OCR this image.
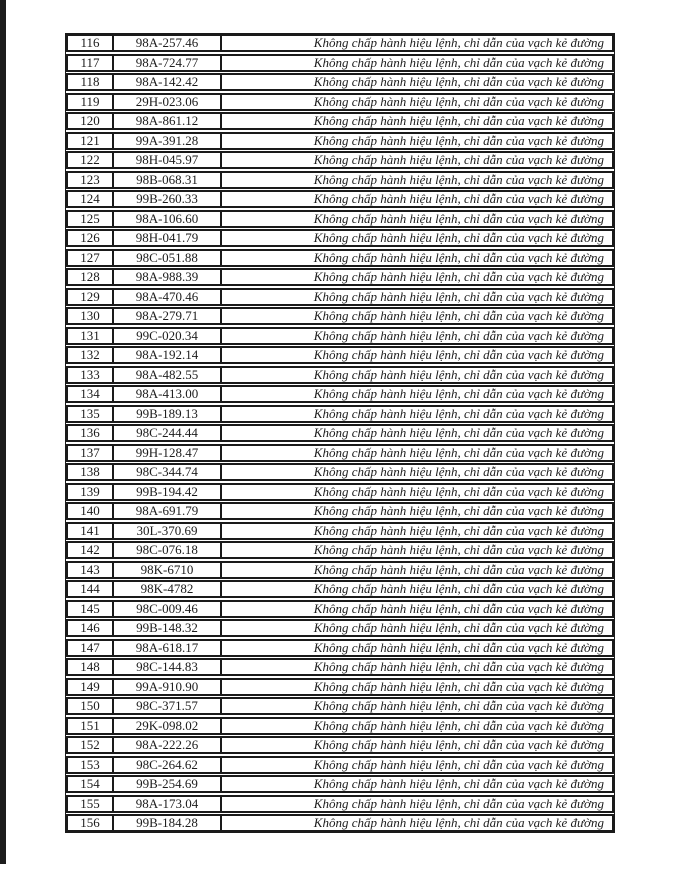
116	98A-257.46	Không chấp hành hiệu lệnh, chỉ dẫn của vạch kẻ đường
117	98A-724.77	Không chấp hành hiệu lệnh, chỉ dẫn của vạch kẻ đường
118	98A-142.42	Không chấp hành hiệu lệnh, chỉ dẫn của vạch kẻ đường
119	29H-023.06	Không chấp hành hiệu lệnh, chỉ dẫn của vạch kẻ đường
120	98A-861.12	Không chấp hành hiệu lệnh, chỉ dẫn của vạch kẻ đường
121	99A-391.28	Không chấp hành hiệu lệnh, chỉ dẫn của vạch kẻ đường
122	98H-045.97	Không chấp hành hiệu lệnh, chỉ dẫn của vạch kẻ đường
123	98B-068.31	Không chấp hành hiệu lệnh, chỉ dẫn của vạch kẻ đường
124	99B-260.33	Không chấp hành hiệu lệnh, chỉ dẫn của vạch kẻ đường
125	98A-106.60	Không chấp hành hiệu lệnh, chỉ dẫn của vạch kẻ đường
126	98H-041.79	Không chấp hành hiệu lệnh, chỉ dẫn của vạch kẻ đường
127	98C-051.88	Không chấp hành hiệu lệnh, chỉ dẫn của vạch kẻ đường
128	98A-988.39	Không chấp hành hiệu lệnh, chỉ dẫn của vạch kẻ đường
129	98A-470.46	Không chấp hành hiệu lệnh, chỉ dẫn của vạch kẻ đường
130	98A-279.71	Không chấp hành hiệu lệnh, chỉ dẫn của vạch kẻ đường
131	99C-020.34	Không chấp hành hiệu lệnh, chỉ dẫn của vạch kẻ đường
132	98A-192.14	Không chấp hành hiệu lệnh, chỉ dẫn của vạch kẻ đường
133	98A-482.55	Không chấp hành hiệu lệnh, chỉ dẫn của vạch kẻ đường
134	98A-413.00	Không chấp hành hiệu lệnh, chỉ dẫn của vạch kẻ đường
135	99B-189.13	Không chấp hành hiệu lệnh, chỉ dẫn của vạch kẻ đường
136	98C-244.44	Không chấp hành hiệu lệnh, chỉ dẫn của vạch kẻ đường
137	99H-128.47	Không chấp hành hiệu lệnh, chỉ dẫn của vạch kẻ đường
138	98C-344.74	Không chấp hành hiệu lệnh, chỉ dẫn của vạch kẻ đường
139	99B-194.42	Không chấp hành hiệu lệnh, chỉ dẫn của vạch kẻ đường
140	98A-691.79	Không chấp hành hiệu lệnh, chỉ dẫn của vạch kẻ đường
141	30L-370.69	Không chấp hành hiệu lệnh, chỉ dẫn của vạch kẻ đường
142	98C-076.18	Không chấp hành hiệu lệnh, chỉ dẫn của vạch kẻ đường
143	98K-6710	Không chấp hành hiệu lệnh, chỉ dẫn của vạch kẻ đường
144	98K-4782	Không chấp hành hiệu lệnh, chỉ dẫn của vạch kẻ đường
145	98C-009.46	Không chấp hành hiệu lệnh, chỉ dẫn của vạch kẻ đường
146	99B-148.32	Không chấp hành hiệu lệnh, chỉ dẫn của vạch kẻ đường
147	98A-618.17	Không chấp hành hiệu lệnh, chỉ dẫn của vạch kẻ đường
148	98C-144.83	Không chấp hành hiệu lệnh, chỉ dẫn của vạch kẻ đường
149	99A-910.90	Không chấp hành hiệu lệnh, chỉ dẫn của vạch kẻ đường
150	98C-371.57	Không chấp hành hiệu lệnh, chỉ dẫn của vạch kẻ đường
151	29K-098.02	Không chấp hành hiệu lệnh, chỉ dẫn của vạch kẻ đường
152	98A-222.26	Không chấp hành hiệu lệnh, chỉ dẫn của vạch kẻ đường
153	98C-264.62	Không chấp hành hiệu lệnh, chỉ dẫn của vạch kẻ đường
154	99B-254.69	Không chấp hành hiệu lệnh, chỉ dẫn của vạch kẻ đường
155	98A-173.04	Không chấp hành hiệu lệnh, chỉ dẫn của vạch kẻ đường
156	99B-184.28	Không chấp hành hiệu lệnh, chỉ dẫn của vạch kẻ đường
